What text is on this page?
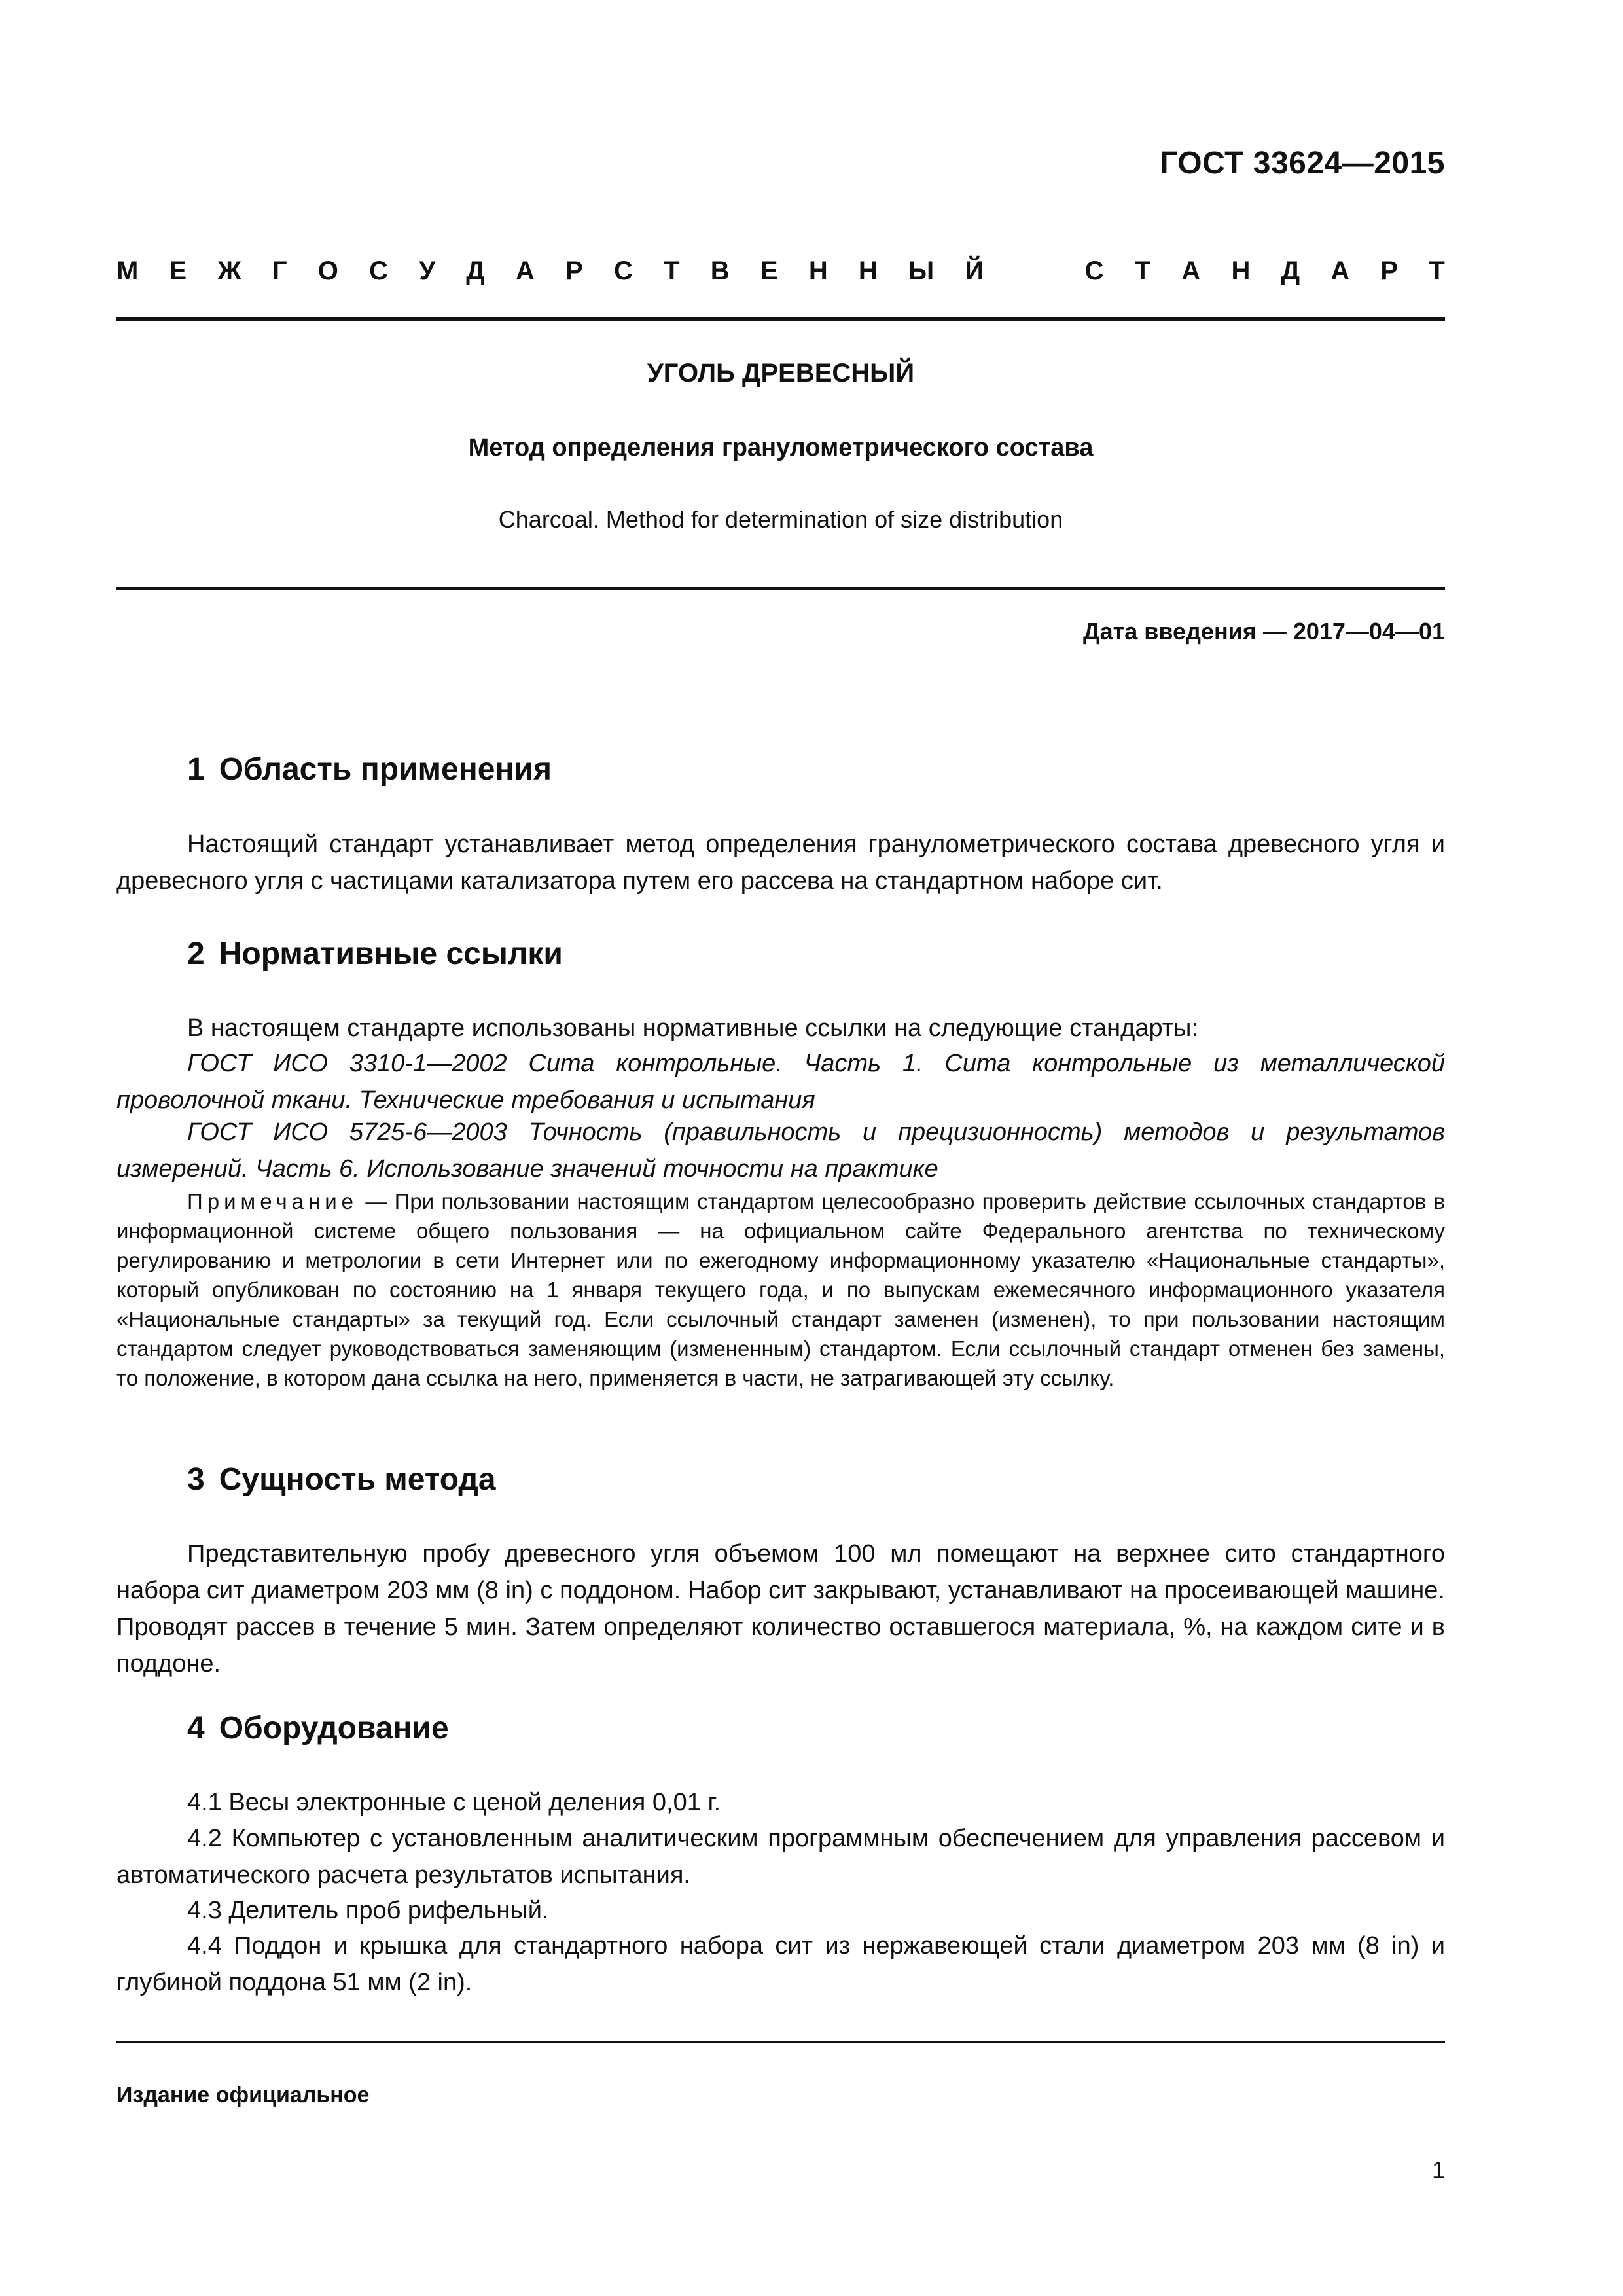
ГОСТ 33624—2015
М Е Ж Г О С У Д А Р С Т В Е Н Н Ы Й	С Т А Н Д А Р Т
УГОЛЬ ДРЕВЕСНЫЙ
Метод определения гранулометрического состава
Charcoal. Method for determination of size distribution
Дата введения — 2017—04—01
1 Область применения

Настоящий стандарт устанавливает метод определения гранулометрического состава древесного угля и древесного угля с частицами катализатора путем его рассева на стандартном наборе сит.

2 Нормативные ссылки

В настоящем стандарте использованы нормативные ссылки на следующие стандарты:

ГОСТ ИСО 3310-1—2002 Сита контрольные. Часть 1. Сита контрольные из металлической проволочной ткани. Технические требования и испытания

ГОСТ ИСО 5725-6—2003 Точность (правильность и прецизионность) методов и результатов измерений. Часть 6. Использование значений точности на практике

Примечание — При пользовании настоящим стандартом целесообразно проверить действие ссылочных стандартов в информационной системе общего пользования — на официальном сайте Федерального агентства по техническому регулированию и метрологии в сети Интернет или по ежегодному информационному указателю «Национальные стандарты», который опубликован по состоянию на 1 января текущего года, и по выпускам ежемесячного информационного указателя «Национальные стандарты» за текущий год. Если ссылочный стандарт заменен (изменен), то при пользовании настоящим стандартом следует руководствоваться заменяющим (измененным) стандартом. Если ссылочный стандарт отменен без замены, то положение, в котором дана ссылка на него, применяется в части, не затрагивающей эту ссылку.

3 Сущность метода

Представительную пробу древесного угля объемом 100 мл помещают на верхнее сито стандартного набора сит диаметром 203 мм (8 in) с поддоном. Набор сит закрывают, устанавливают на просеивающей машине. Проводят рассев в течение 5 мин. Затем определяют количество оставшегося материала, %, на каждом сите и в поддоне.

4 Оборудование

4.1 Весы электронные с ценой деления 0,01 г.

4.2 Компьютер с установленным аналитическим программным обеспечением для управления рассевом и автоматического расчета результатов испытания.

4.3 Делитель проб рифельный.

4.4 Поддон и крышка для стандартного набора сит из нержавеющей стали диаметром 203 мм (8 in) и глубиной поддона 51 мм (2 in).

Издание официальное
1
